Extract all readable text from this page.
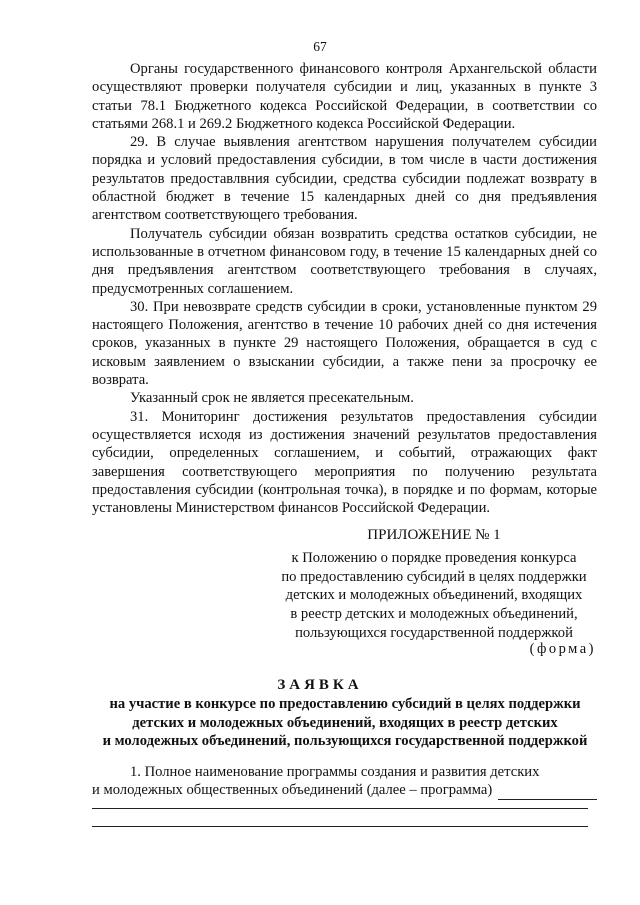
67

Органы государственного финансового контроля Архангельской области осуществляют проверки получателя субсидии и лиц, указанных в пункте 3 статьи 78.1 Бюджетного кодекса Российской Федерации, в соответствии со статьями 268.1 и 269.2 Бюджетного кодекса Российской Федерации.

29. В случае выявления агентством нарушения получателем субсидии порядка и условий предоставления субсидии, в том числе в части достижения результатов предоставлвния субсидии, средства субсидии подлежат возврату в областной бюджет в течение 15 календарных дней со дня предъявления агентством соответствующего требования.

Получатель субсидии обязан возвратить средства остатков субсидии, не использованные в отчетном финансовом году, в течение 15 календарных дней со дня предъявления агентством соответствующего требования в случаях, предусмотренных соглашением.

30. При невозврате средств субсидии в сроки, установленные пунктом 29 настоящего Положения, агентство в течение 10 рабочих дней со дня истечения сроков, указанных в пункте 29 настоящего Положения, обращается в суд с исковым заявлением о взыскании субсидии, а также пени за просрочку ее возврата.

Указанный срок не является пресекательным.

31. Мониторинг достижения результатов предоставления субсидии осуществляется исходя из достижения значений результатов предоставления субсидии, определенных соглашением, и событий, отражающих факт завершения соответствующего мероприятия по получению результата предоставления субсидии (контрольная точка), в порядке и по формам, которые установлены Министерством финансов Российской Федерации.

ПРИЛОЖЕНИЕ № 1
к Положению о порядке проведения конкурса
по предоставлению субсидий в целях поддержки
детских и молодежных объединений, входящих
в реестр детских и молодежных объединений,
пользующихся государственной поддержкой
(форма)
ЗАЯВКА
на участие в конкурсе по предоставлению субсидий в целях поддержки
детских и молодежных объединений, входящих в реестр детских
и молодежных объединений, пользующихся государственной поддержкой
1. Полное наименование программы создания и развития детских
и молодежных общественных объединений (далее – программа)
